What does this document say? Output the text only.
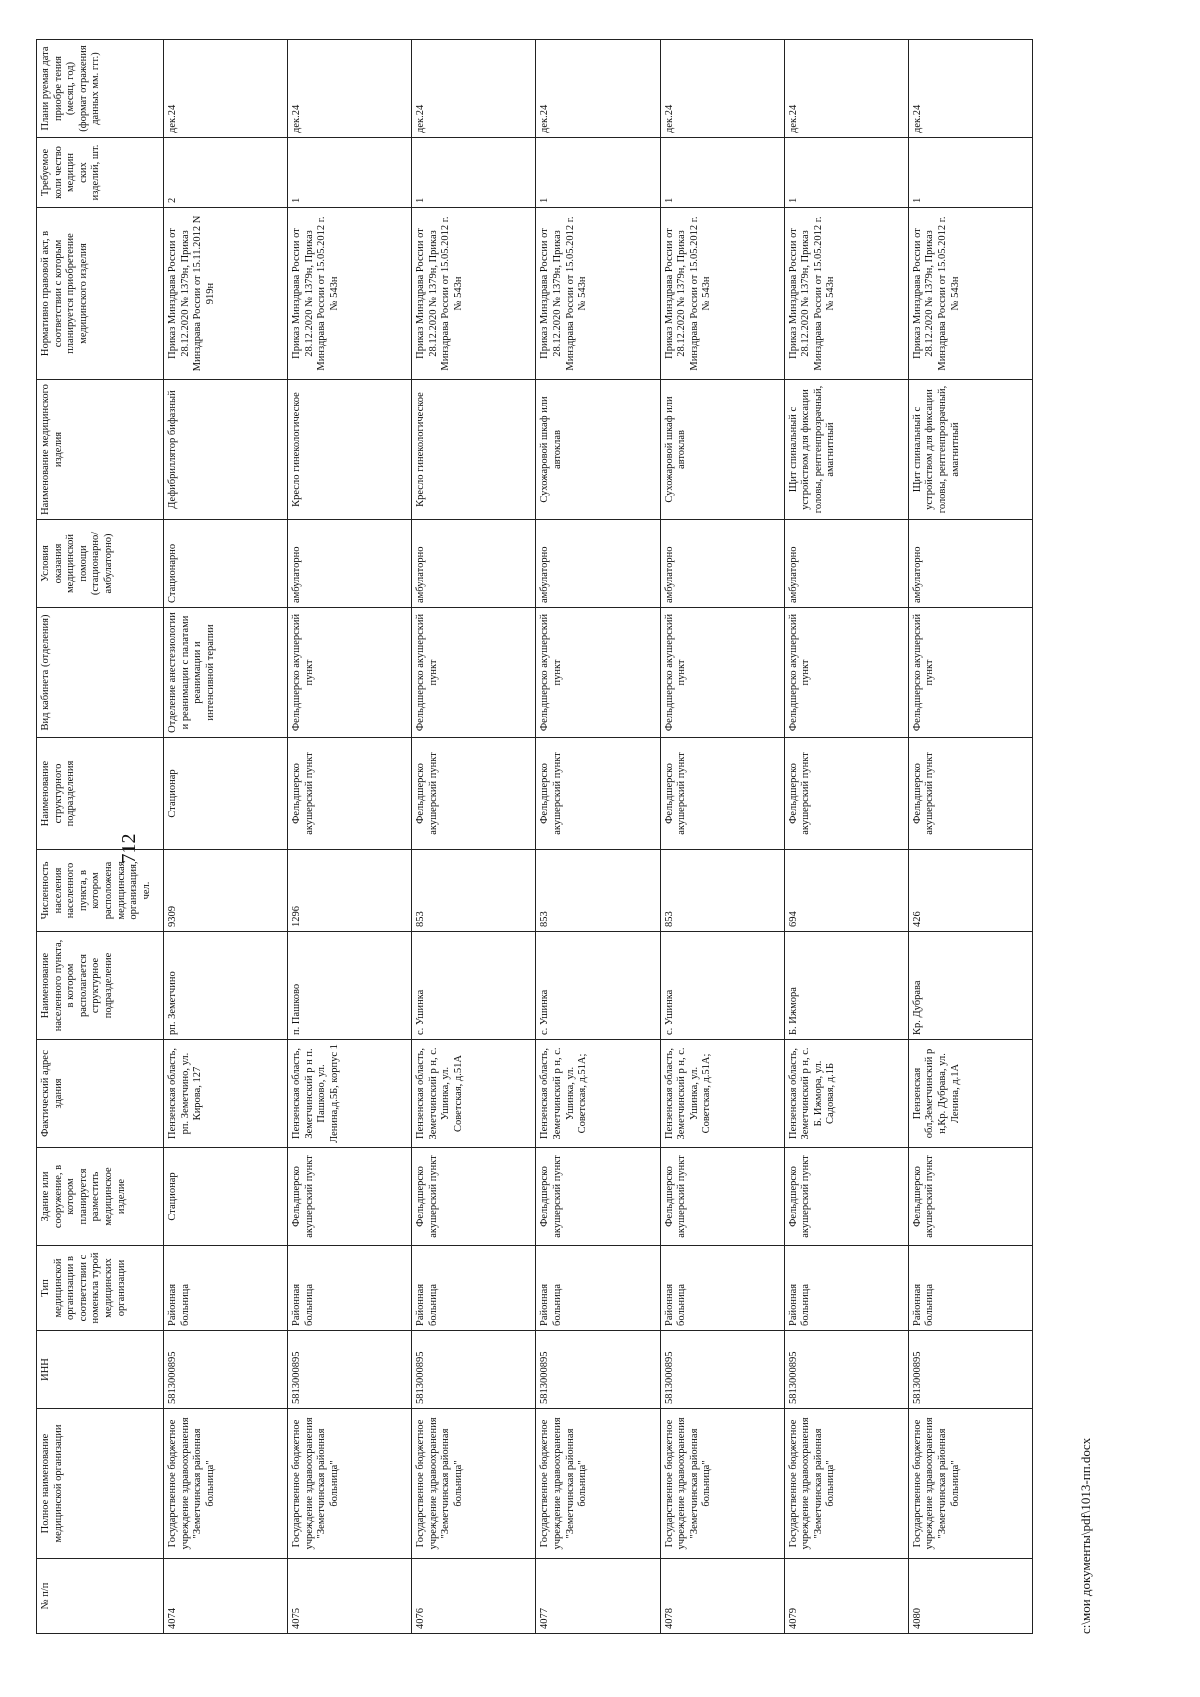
712
№ п/п	Полное наименование медицинской организации	ИНН	Тип медицинской организации в соответствии с номенкла турой медицинских организации	Здание или сооружение, в котором планируется разместить медицинское изделие	Фактический адрес здания	Наименование населенного пункта, в котором располагается структурное подразделение	Численность населения населенного пункта, в котором расположена медицинская организация, чел.	Наименование структурного подразделения	Вид кабинета (отделения)	Условия оказания медицинской помощи (стационарно/ амбулаторно)	Наименование медицинского изделия	Нормативно правовой акт, в соответствии с которым планируется приобретение медицинского изделия	Требуемое коли чество медицин ских изделий, шт.	Плани руемая дата приобре тения (месяц, год) (формат отражения данных мм. ггг.)
4074	Государственное бюджетное учреждение здравоохранения "Земетчинская районная больница"	5813000895	Районная больница	Стационар	Пензенская область, рп. Земетчино, ул. Кирова, 127	рп. Земетчино	9309	Стационар	Отделение анестезиологии и реанимации с палатами реанимации и интенсивной терапии	Стационарно	Дефибриллятор бифазный	Приказ Минздрава России от 28.12.2020 № 1379н, Приказ Минздрава России от 15.11.2012 N 919н	2	дек.24
4075	Государственное бюджетное учреждение здравоохранения "Земетчинская районная больница"	5813000895	Районная больница	Фельдшерско акушерский пункт	Пензенская область, Земетчинский р н п. Пашково, ул. Ленина,д.5Б, корпус 1	п. Пашково	1296	Фельдшерско акушерский пункт	Фельдшерско акушерский пункт	амбулаторно	Кресло гинекологическое	Приказ Минздрава России от 28.12.2020 № 1379н, Приказ Минздрава России от 15.05.2012 г. № 543н	1	дек.24
4076	Государственное бюджетное учреждение здравоохранения "Земетчинская районная больница"	5813000895	Районная больница	Фельдшерско акушерский пункт	Пензенская область, Земетчинский р н, с. Ушинка, ул. Советская, д.51А	с. Ушинка	853	Фельдшерско акушерский пункт	Фельдшерско акушерский пункт	амбулаторно	Кресло гинекологическое	Приказ Минздрава России от 28.12.2020 № 1379н, Приказ Минздрава России от 15.05.2012 г. № 543н	1	дек.24
4077	Государственное бюджетное учреждение здравоохранения "Земетчинская районная больница"	5813000895	Районная больница	Фельдшерско акушерский пункт	Пензенская область, Земетчинский р н, с. Ушинка, ул. Советская, д.51А;	с. Ушинка	853	Фельдшерско акушерский пункт	Фельдшерско акушерский пункт	амбулаторно	Сухожаровой шкаф или автоклав	Приказ Минздрава России от 28.12.2020 № 1379н, Приказ Минздрава России от 15.05.2012 г. № 543н	1	дек.24
4078	Государственное бюджетное учреждение здравоохранения "Земетчинская районная больница"	5813000895	Районная больница	Фельдшерско акушерский пункт	Пензенская область, Земетчинский р н, с. Ушинка, ул. Советская, д.51А;	с. Ушинка	853	Фельдшерско акушерский пункт	Фельдшерско акушерский пункт	амбулаторно	Сухожаровой шкаф или автоклав	Приказ Минздрава России от 28.12.2020 № 1379н, Приказ Минздрава России от 15.05.2012 г. № 543н	1	дек.24
4079	Государственное бюджетное учреждение здравоохранения "Земетчинская районная больница"	5813000895	Районная больница	Фельдшерско акушерский пункт	Пензенская область, Земетчинский р н, с. Б. Ижмора, ул. Садовая, д.1Б	Б. Ижмора	694	Фельдшерско акушерский пункт	Фельдшерско акушерский пункт	амбулаторно	Щит спинальный с устройством для фиксации головы, рентгенпрозрачный, амагнитный	Приказ Минздрава России от 28.12.2020 № 1379н, Приказ Минздрава России от 15.05.2012 г. № 543н	1	дек.24
4080	Государственное бюджетное учреждение здравоохранения "Земетчинская районная больница"	5813000895	Районная больница	Фельдшерско акушерский пункт	Пензенская обл,Земетчинский р н,Кр. Дубрава, ул. Ленина, д.1А	Кр. Дубрава	426	Фельдшерско акушерский пункт	Фельдшерско акушерский пункт	амбулаторно	Щит спинальный с устройством для фиксации головы, рентгенпрозрачный, амагнитный	Приказ Минздрава России от 28.12.2020 № 1379н, Приказ Минздрава России от 15.05.2012 г. № 543н	1	дек.24
c:\мои документы\pdf\1013-пп.docx
